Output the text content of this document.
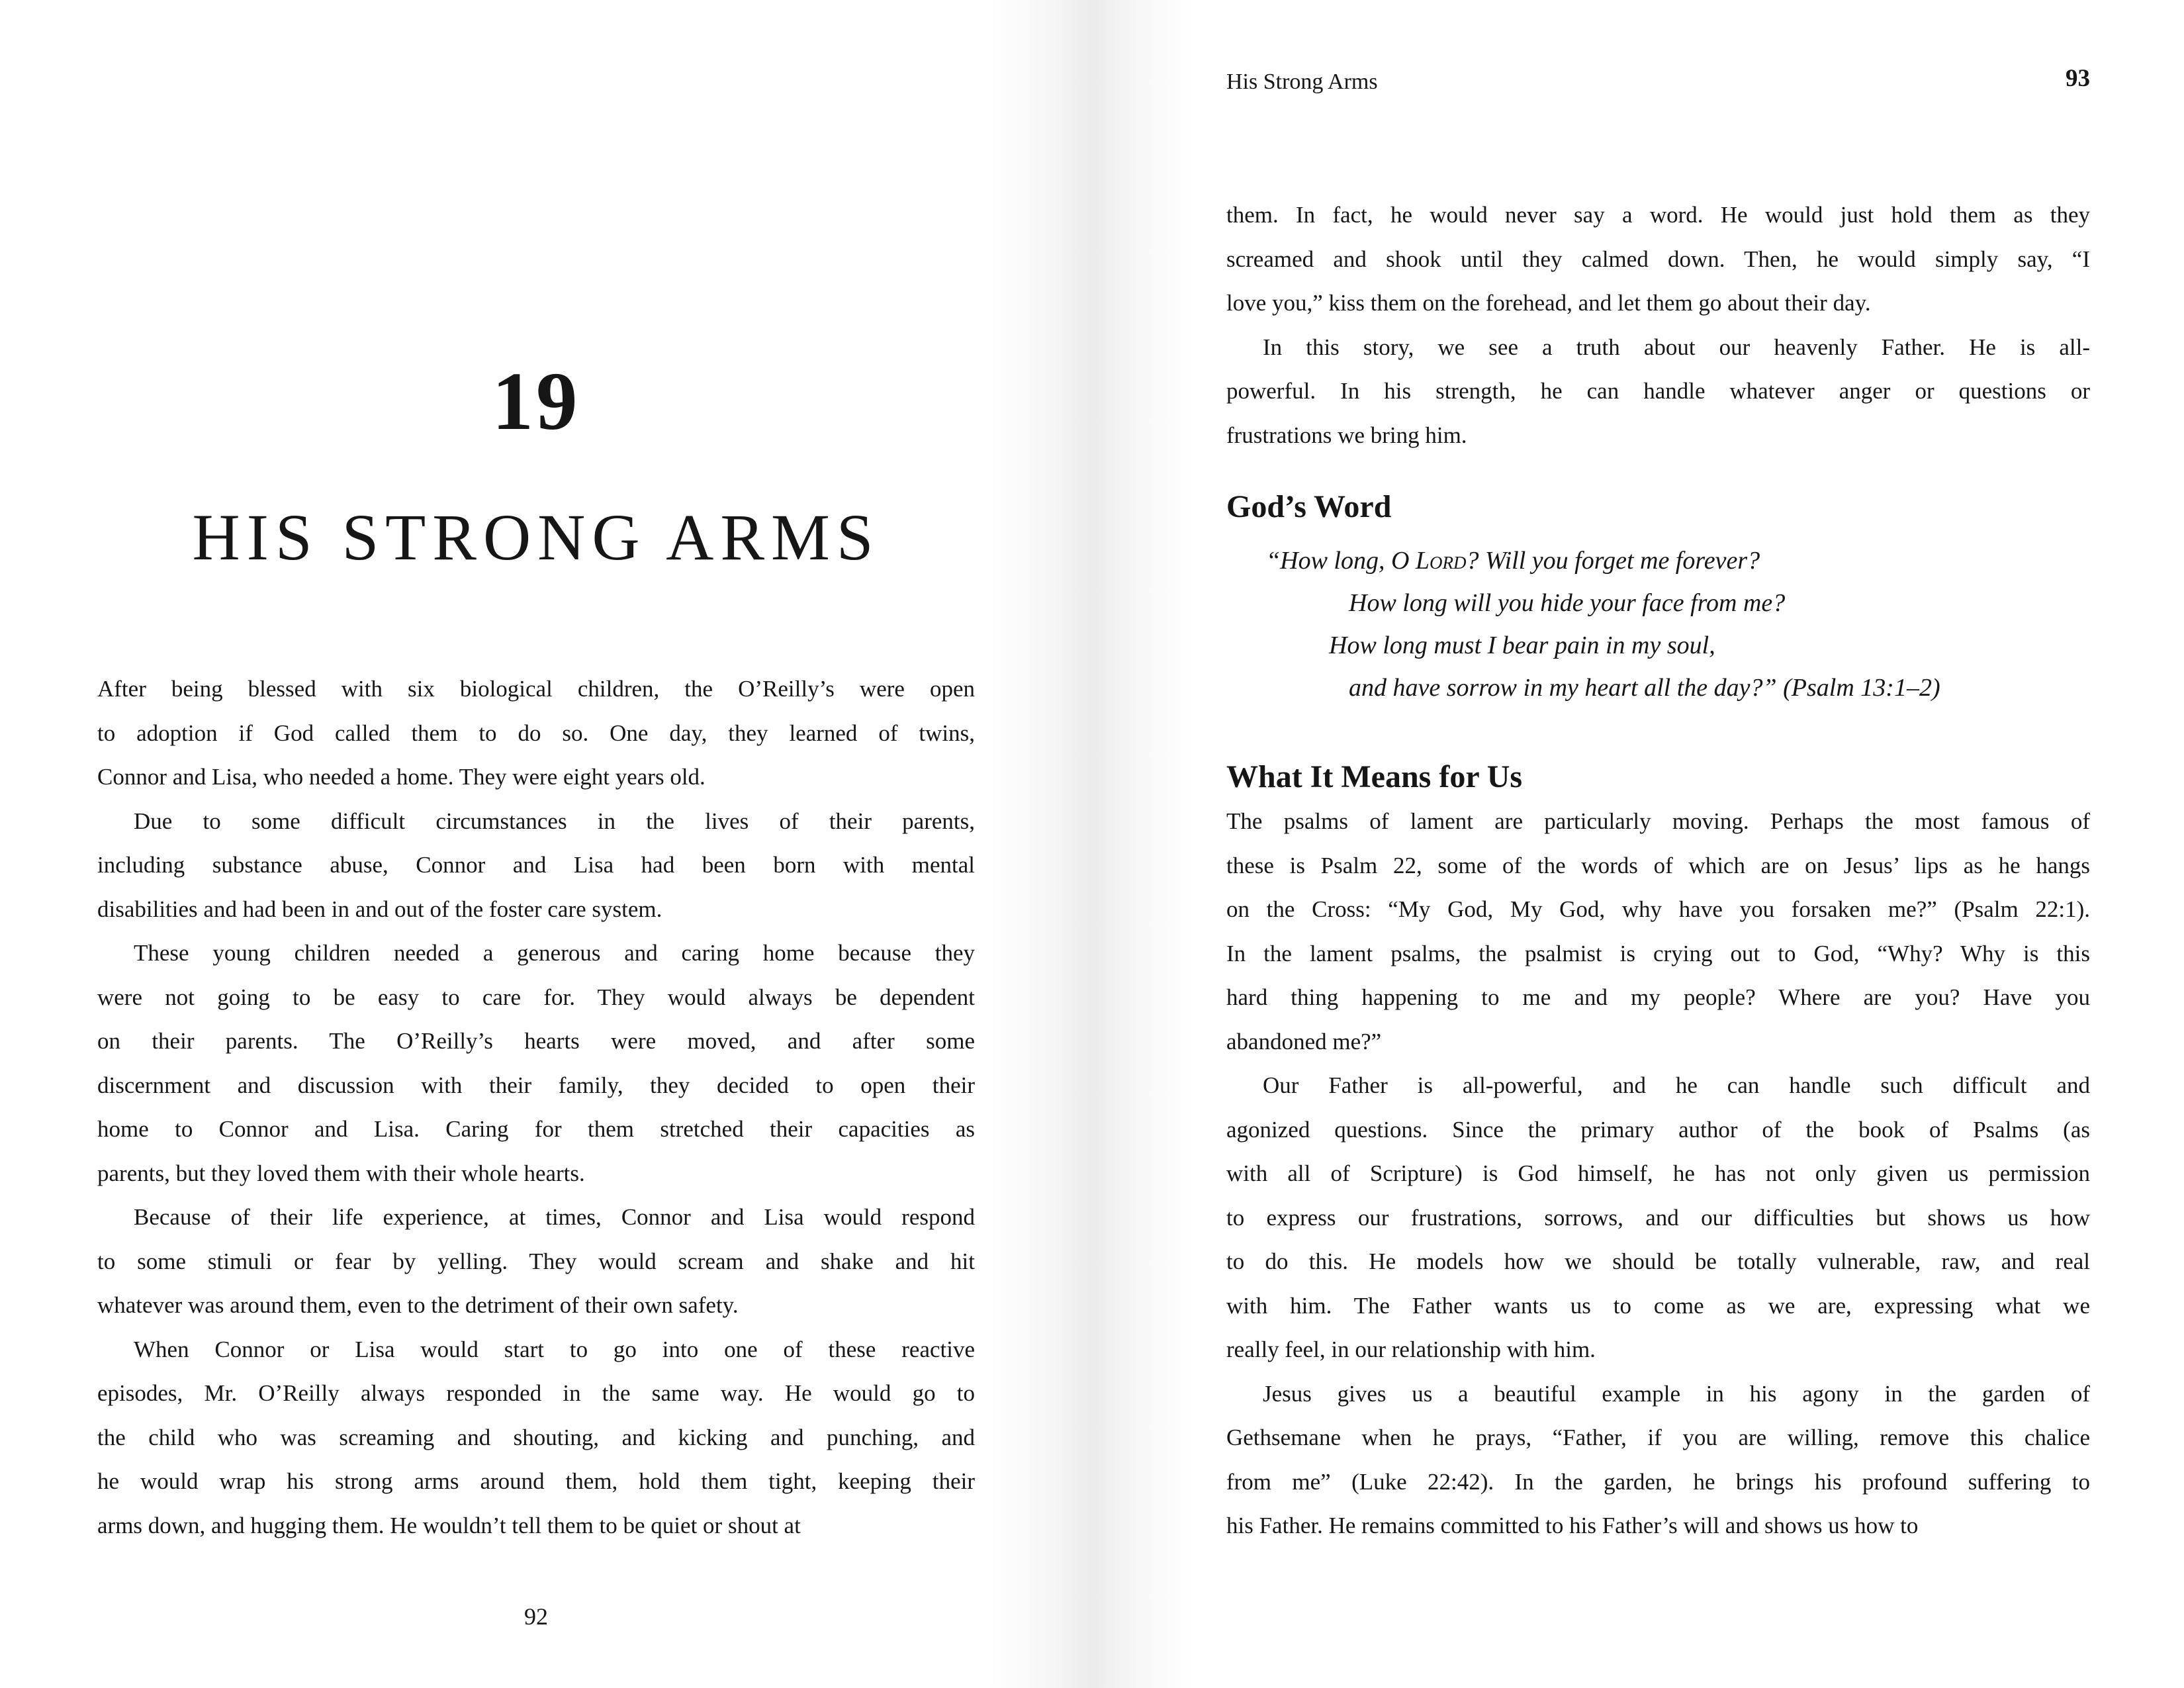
19
HIS STRONG ARMS
After being blessed with six biological children, the O’Reilly’s were open
to adoption if God called them to do so. One day, they learned of twins,
Connor and Lisa, who needed a home. They were eight years old.
Due to some difficult circumstances in the lives of their parents,
including substance abuse, Connor and Lisa had been born with mental
disabilities and had been in and out of the foster care system.
These young children needed a generous and caring home because they
were not going to be easy to care for. They would always be dependent
on their parents. The O’Reilly’s hearts were moved, and after some
discernment and discussion with their family, they decided to open their
home to Connor and Lisa. Caring for them stretched their capacities as
parents, but they loved them with their whole hearts.
Because of their life experience, at times, Connor and Lisa would respond
to some stimuli or fear by yelling. They would scream and shake and hit
whatever was around them, even to the detriment of their own safety.
When Connor or Lisa would start to go into one of these reactive
episodes, Mr. O’Reilly always responded in the same way. He would go to
the child who was screaming and shouting, and kicking and punching, and
he would wrap his strong arms around them, hold them tight, keeping their
arms down, and hugging them. He wouldn’t tell them to be quiet or shout at
92
His Strong Arms	93
them. In fact, he would never say a word. He would just hold them as they
screamed and shook until they calmed down. Then, he would simply say, “I
love you,” kiss them on the forehead, and let them go about their day.
In this story, we see a truth about our heavenly Father. He is all-
powerful. In his strength, he can handle whatever anger or questions or
frustrations we bring him.
God’s Word
“How long, O Lord? Will you forget me forever?
How long will you hide your face from me?
How long must I bear pain in my soul,
and have sorrow in my heart all the day?” (Psalm 13:1–2)
What It Means for Us
The psalms of lament are particularly moving. Perhaps the most famous of
these is Psalm 22, some of the words of which are on Jesus’ lips as he hangs
on the Cross: “My God, My God, why have you forsaken me?” (Psalm 22:1).
In the lament psalms, the psalmist is crying out to God, “Why? Why is this
hard thing happening to me and my people? Where are you? Have you
abandoned me?”
Our Father is all-powerful, and he can handle such difficult and
agonized questions. Since the primary author of the book of Psalms (as
with all of Scripture) is God himself, he has not only given us permission
to express our frustrations, sorrows, and our difficulties but shows us how
to do this. He models how we should be totally vulnerable, raw, and real
with him. The Father wants us to come as we are, expressing what we
really feel, in our relationship with him.
Jesus gives us a beautiful example in his agony in the garden of
Gethsemane when he prays, “Father, if you are willing, remove this chalice
from me” (Luke 22:42). In the garden, he brings his profound suffering to
his Father. He remains committed to his Father’s will and shows us how to
